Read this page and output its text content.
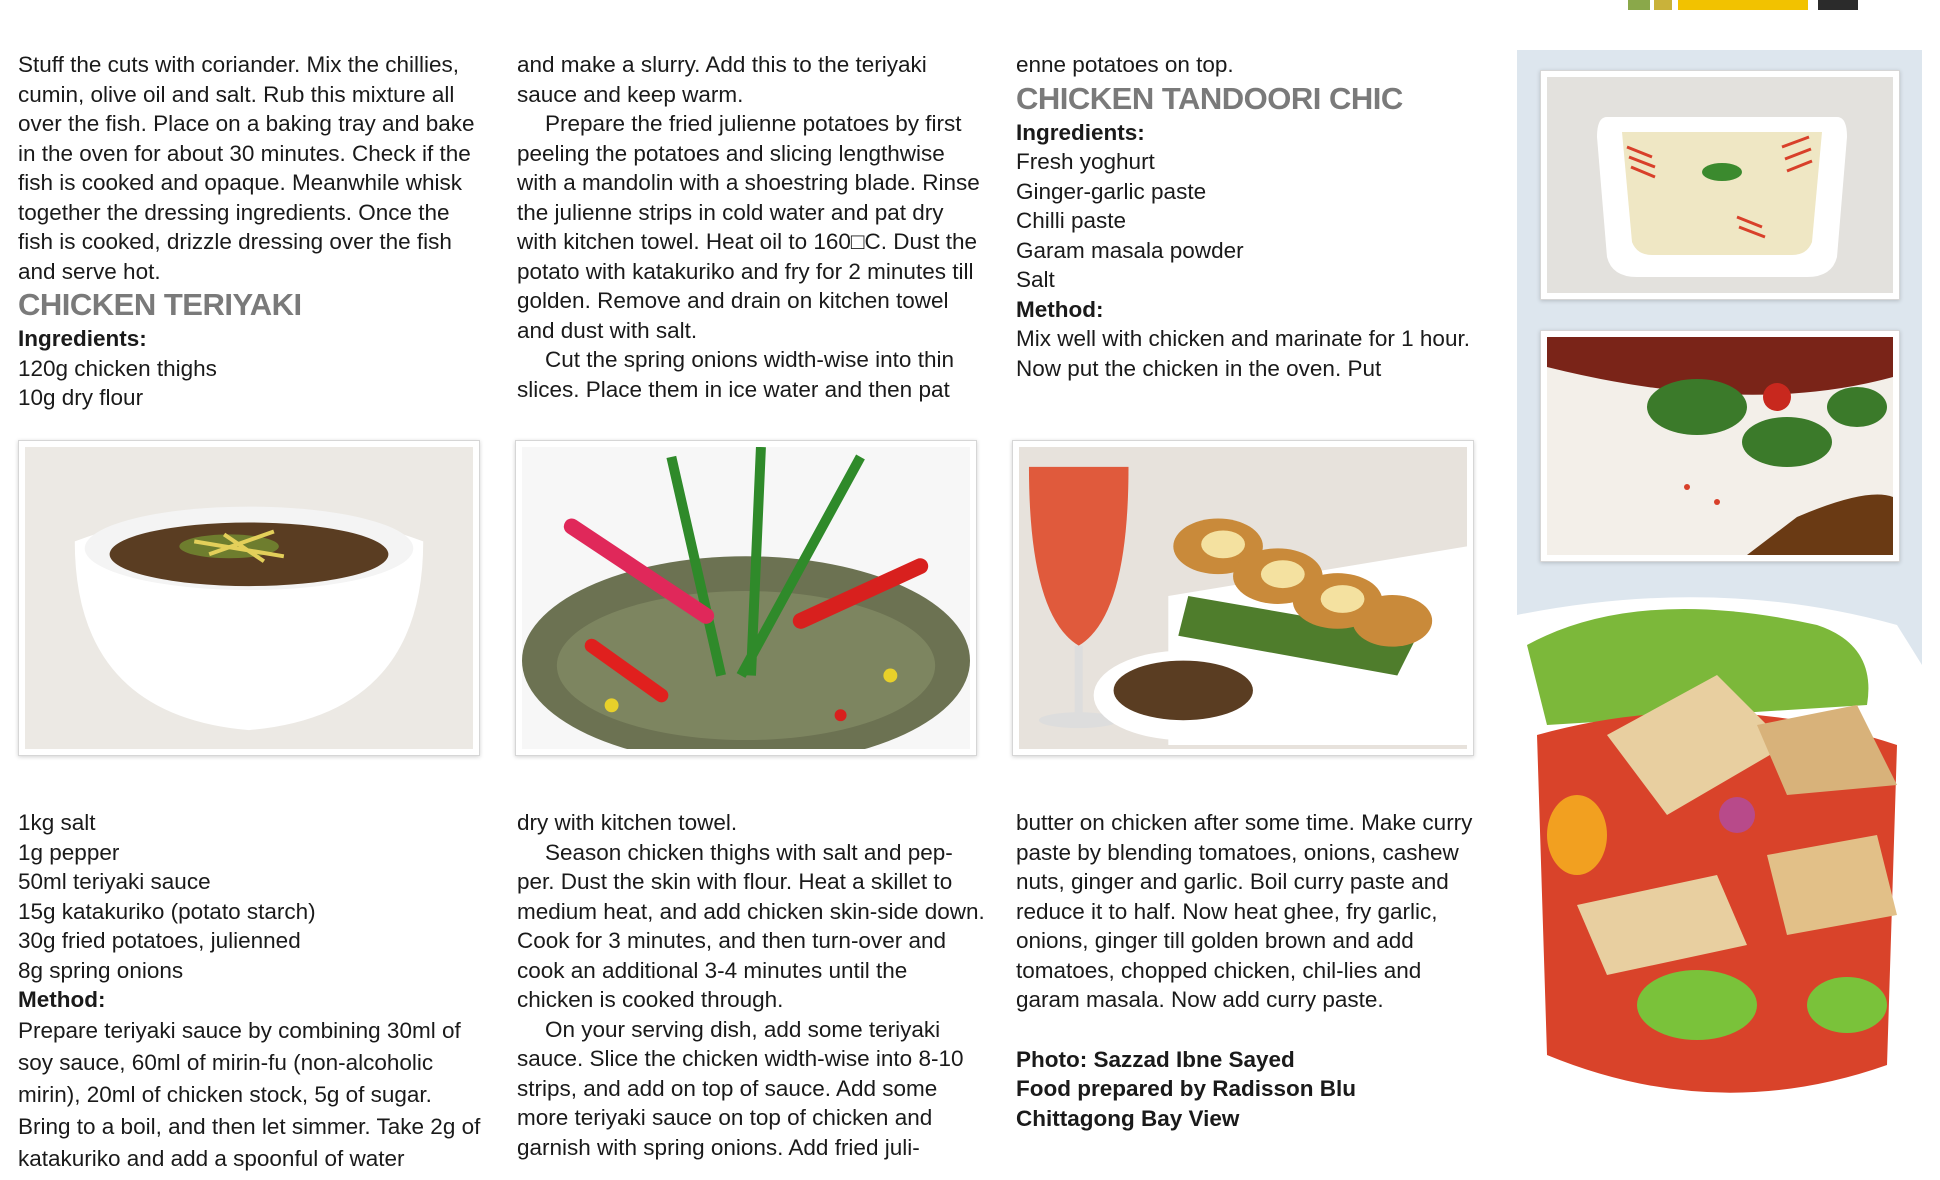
Stuff the cuts with coriander. Mix the chillies, cumin, olive oil and salt. Rub this mixture all over the fish. Place on a baking tray and bake in the oven for about 30 minutes. Check if the fish is cooked and opaque. Meanwhile whisk together the dressing ingredients. Once the fish is cooked, drizzle dressing over the fish and serve hot.

CHICKEN TERIYAKI

Ingredients:

120g chicken thighs

10g dry flour

and make a slurry. Add this to the teriyaki sauce and keep warm.

Prepare the fried julienne potatoes by first peeling the potatoes and slicing lengthwise with a mandolin with a shoestring blade. Rinse the julienne strips in cold water and pat dry with kitchen towel. Heat oil to 160□C. Dust the potato with katakuriko and fry for 2 minutes till golden. Remove and drain on kitchen towel and dust with salt.

Cut the spring onions width-wise into thin slices. Place them in ice water and then pat

enne potatoes on top.

CHICKEN TANDOORI CHIC

Ingredients:

Fresh yoghurt

Ginger-garlic paste

Chilli paste

Garam masala powder

Salt

Method:

Mix well with chicken and marinate for 1 hour. Now put the chicken in the oven. Put

1kg salt

1g pepper

50ml teriyaki sauce

15g katakuriko (potato starch)

30g fried potatoes, julienned

8g spring onions

Method:

Prepare teriyaki sauce by combining 30ml of soy sauce, 60ml of mirin-fu (non-alcoholic mirin), 20ml of chicken stock, 5g of sugar. Bring to a boil, and then let simmer. Take 2g of katakuriko and add a spoonful of water

dry with kitchen towel.

Season chicken thighs with salt and pep-per. Dust the skin with flour. Heat a skillet to medium heat, and add chicken skin-side down. Cook for 3 minutes, and then turn-over and cook an additional 3-4 minutes until the chicken is cooked through.

On your serving dish, add some teriyaki sauce. Slice the chicken width-wise into 8-10 strips, and add on top of sauce. Add some more teriyaki sauce on top of chicken and garnish with spring onions. Add fried juli-

butter on chicken after some time. Make curry paste by blending tomatoes, onions, cashew nuts, ginger and garlic. Boil curry paste and reduce it to half. Now heat ghee, fry garlic, onions, ginger till golden brown and add tomatoes, chopped chicken, chil-lies and garam masala. Now add curry paste.

Photo: Sazzad Ibne Sayed

Food prepared by Radisson Blu

Chittagong Bay View
